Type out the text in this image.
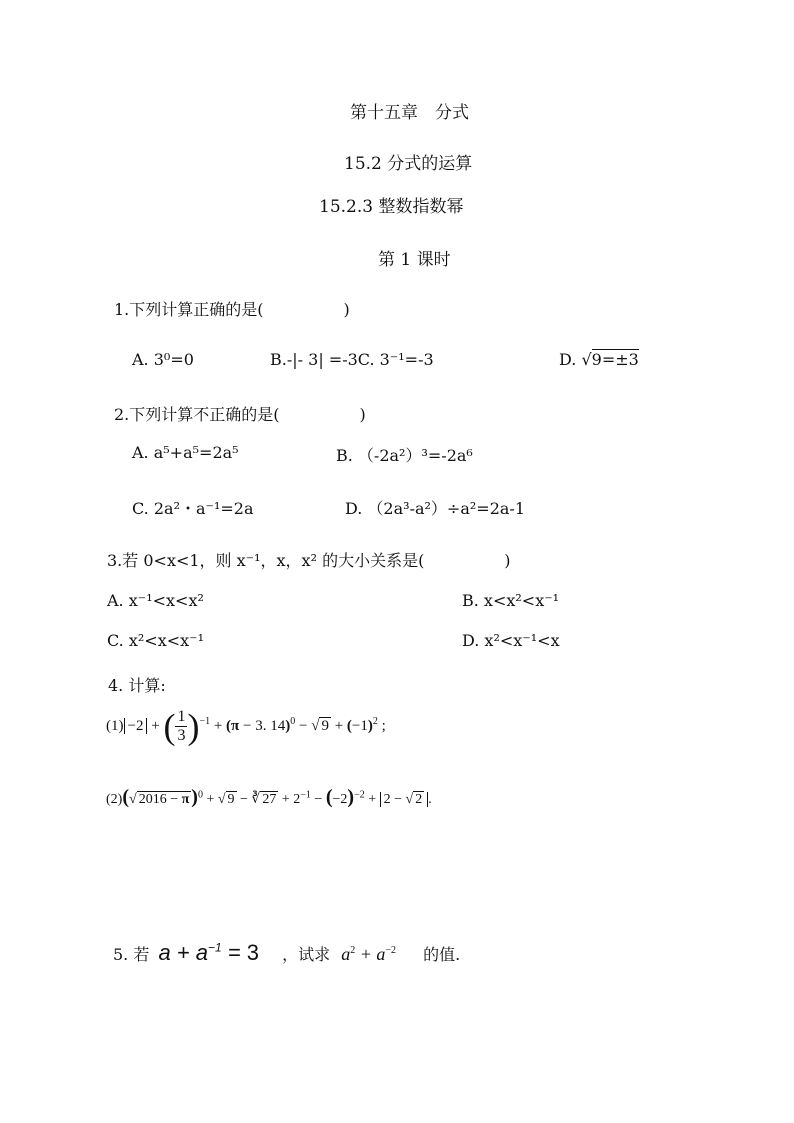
第十五章　分式
15.2 分式的运算
15.2.3 整数指数幂
第 1 课时
1.下列计算正确的是(　　　　　)
A. 3⁰=0	B.-|- 3| =-3C. 3⁻¹=-3	D. √9=±3
2.下列计算不正确的是(　　　　　)
A. a⁵+a⁵=2a⁵	B. （-2a²）³=-2a⁶
C. 2a²・a⁻¹=2a	D. （2a³-a²）÷a²=2a-1
3.若 0<x<1，则 x⁻¹，x，x² 的大小关系是(　　　　　)
A. x⁻¹<x<x²	B. x<x²<x⁻¹
C. x²<x<x⁻¹	D. x²<x⁻¹<x
4. 计算:
(1) −2 + ( $\frac{1}{3} )^{-1} + (\pi - 3$. 14)$^0$ − √ $9 + (-1)^2$ ;
(2)(√ 2016 − π )$^0$ + √ 9 − ∛ $27 + 2^{-1} - (-2)^{-2} + 2$ − √ 2 .
5. 若 $a + a^{-1} = 3$ ，试求 $a^2 + a^{-2}$ 的值.
